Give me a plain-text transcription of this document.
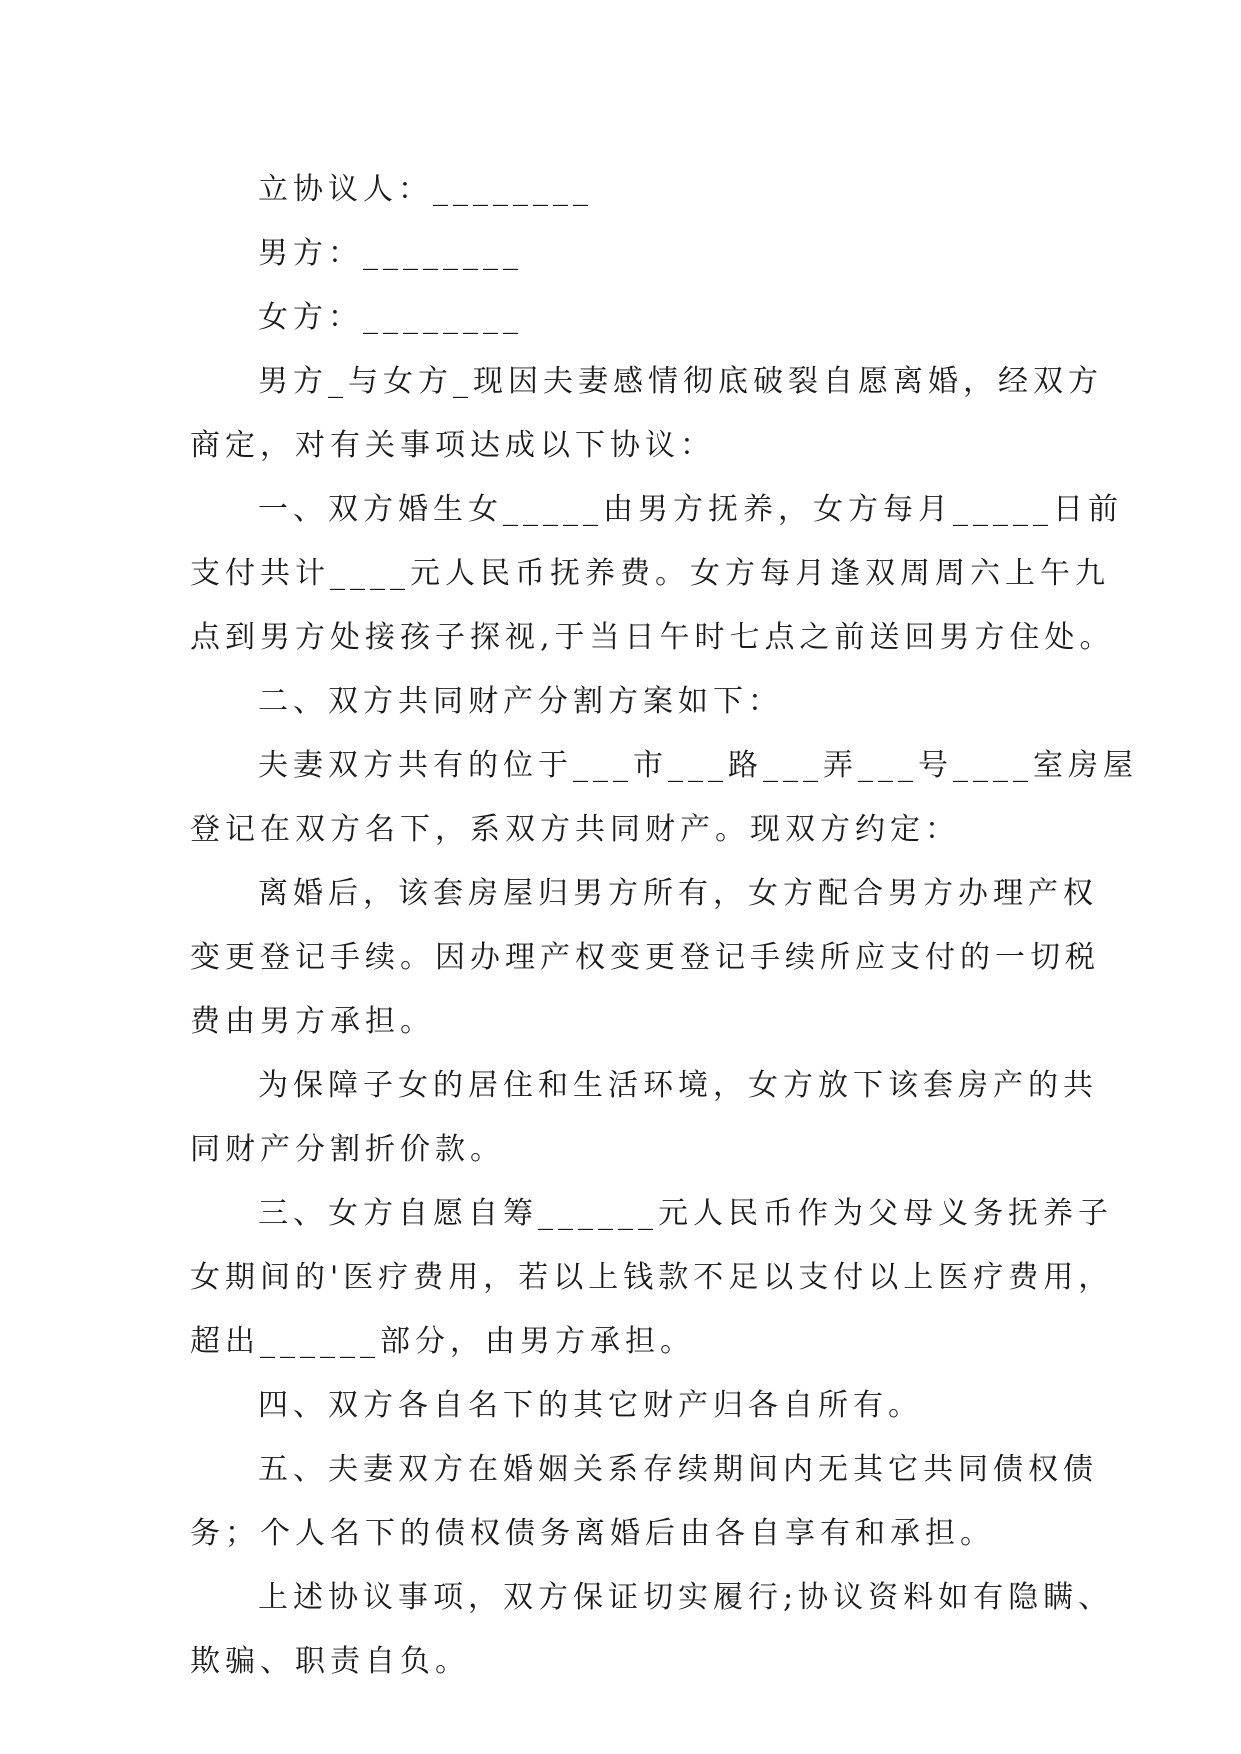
立协议人：________

男方：________

女方：________

男方_与女方_现因夫妻感情彻底破裂自愿离婚，经双方

商定，对有关事项达成以下协议：

一、双方婚生女_____由男方抚养，女方每月_____日前

支付共计____元人民币抚养费。女方每月逢双周周六上午九

点到男方处接孩子探视,于当日午时七点之前送回男方住处。

二、双方共同财产分割方案如下：

夫妻双方共有的位于___市___路___弄___号____室房屋

登记在双方名下，系双方共同财产。现双方约定：

离婚后，该套房屋归男方所有，女方配合男方办理产权

变更登记手续。因办理产权变更登记手续所应支付的一切税

费由男方承担。

为保障子女的居住和生活环境，女方放下该套房产的共

同财产分割折价款。

三、女方自愿自筹______元人民币作为父母义务抚养子

女期间的'医疗费用，若以上钱款不足以支付以上医疗费用，

超出______部分，由男方承担。

四、双方各自名下的其它财产归各自所有。

五、夫妻双方在婚姻关系存续期间内无其它共同债权债

务；个人名下的债权债务离婚后由各自享有和承担。

上述协议事项，双方保证切实履行;协议资料如有隐瞒、

欺骗、职责自负。
